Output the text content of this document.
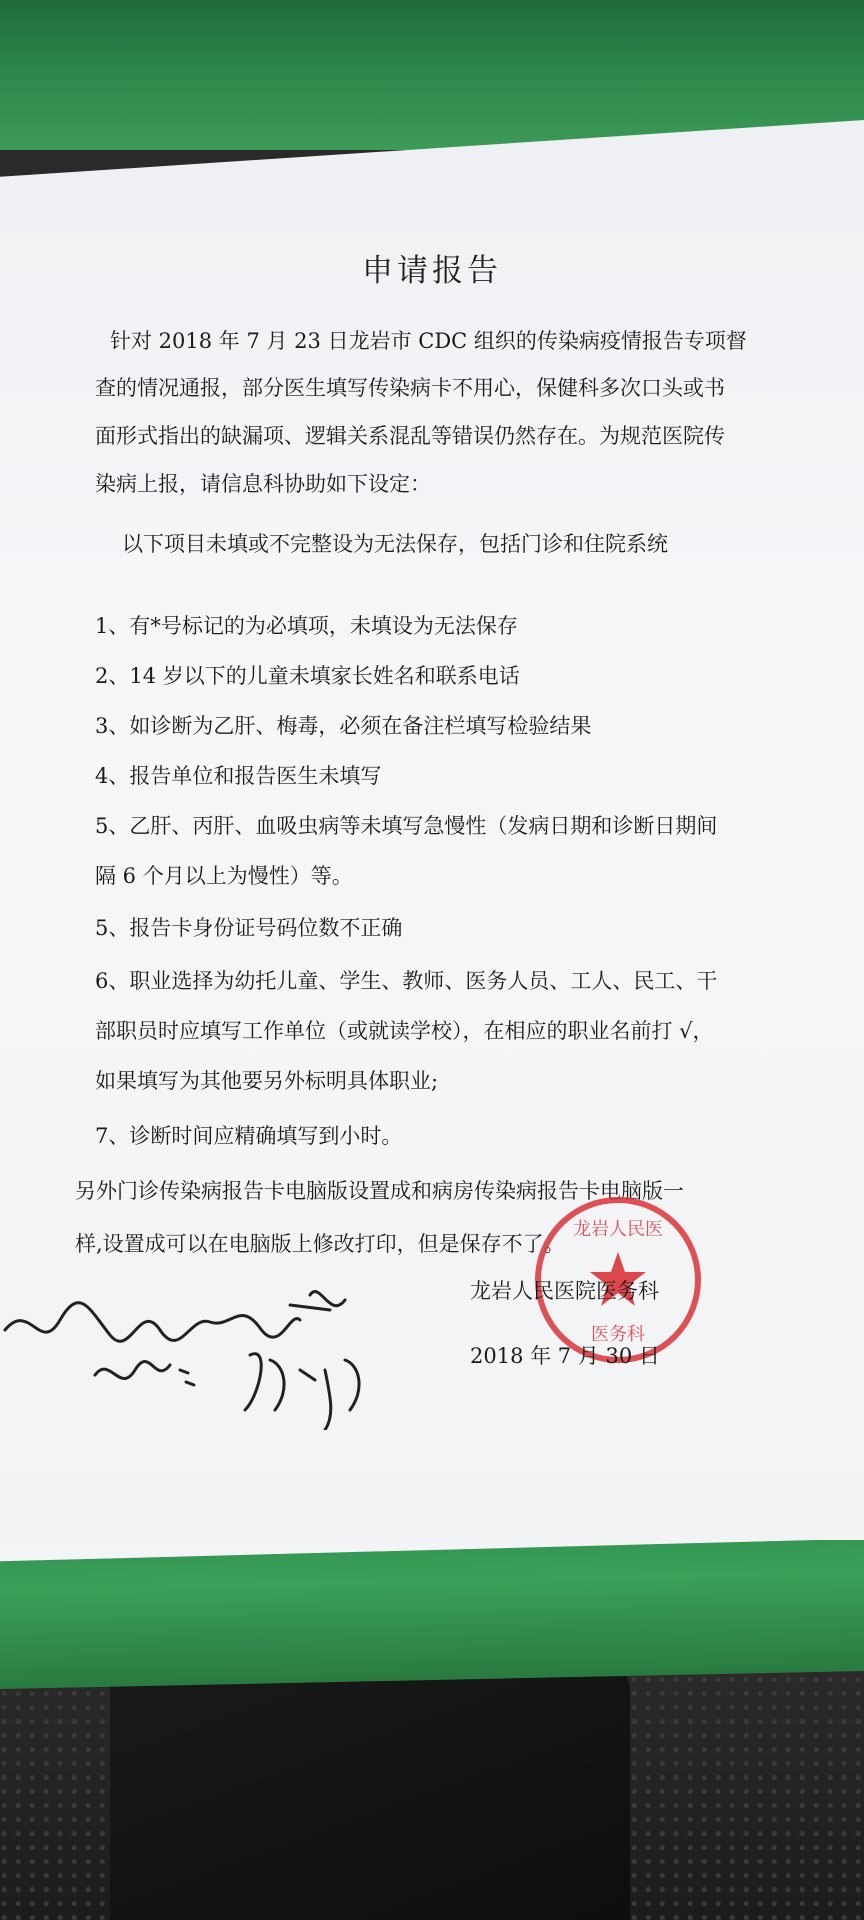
申请报告
针对 2018 年 7 月 23 日龙岩市 CDC 组织的传染病疫情报告专项督
查的情况通报，部分医生填写传染病卡不用心，保健科多次口头或书
面形式指出的缺漏项、逻辑关系混乱等错误仍然存在。为规范医院传
染病上报，请信息科协助如下设定：
以下项目未填或不完整设为无法保存，包括门诊和住院系统
1、有*号标记的为必填项，未填设为无法保存
2、14 岁以下的儿童未填家长姓名和联系电话
3、如诊断为乙肝、梅毒，必须在备注栏填写检验结果
4、报告单位和报告医生未填写
5、乙肝、丙肝、血吸虫病等未填写急慢性（发病日期和诊断日期间
隔 6 个月以上为慢性）等。
5、报告卡身份证号码位数不正确
6、职业选择为幼托儿童、学生、教师、医务人员、工人、民工、干
部职员时应填写工作单位（或就读学校），在相应的职业名前打 √，
如果填写为其他要另外标明具体职业;
7、诊断时间应精确填写到小时。
另外门诊传染病报告卡电脑版设置成和病房传染病报告卡电脑版一
样,设置成可以在电脑版上修改打印，但是保存不了。
龙岩人民医
医务科
龙岩人民医院医务科
2018 年 7 月 30 日
